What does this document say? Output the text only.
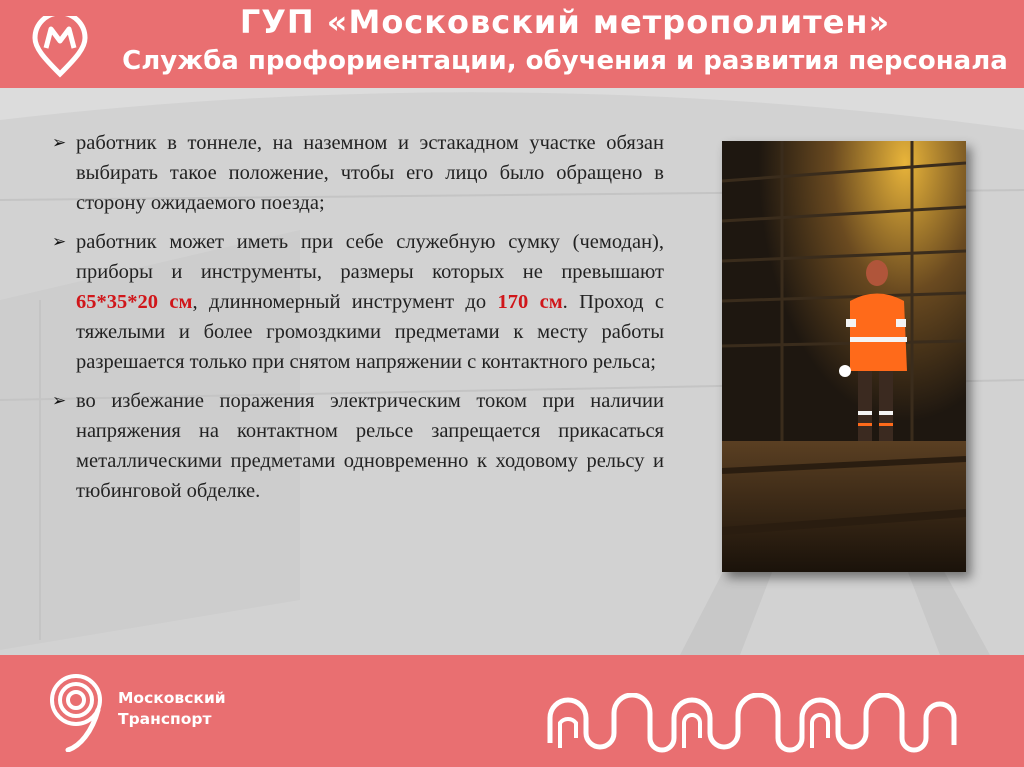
ГУП «Московский метрополитен»
Служба профориентации, обучения и развития персонала
➢ работник в тоннеле, на наземном и эстакадном участке обязан выбирать такое положение, чтобы его лицо было обращено в сторону ожидаемого поезда;
➢ работник может иметь при себе служебную сумку (чемодан), приборы и инструменты, размеры которых не превышают 65*35*20 см, длинномерный инструмент до 170 см. Проход с тяжелыми и более громоздкими предметами к месту работы разрешается только при снятом напряжении с контактного рельса;
➢ во избежание поражения электрическим током при наличии напряжения на контактном рельсе запрещается прикасаться металлическими предметами одновременно к ходовому рельсу и тюбинговой обделке.
Московский
Транспорт
